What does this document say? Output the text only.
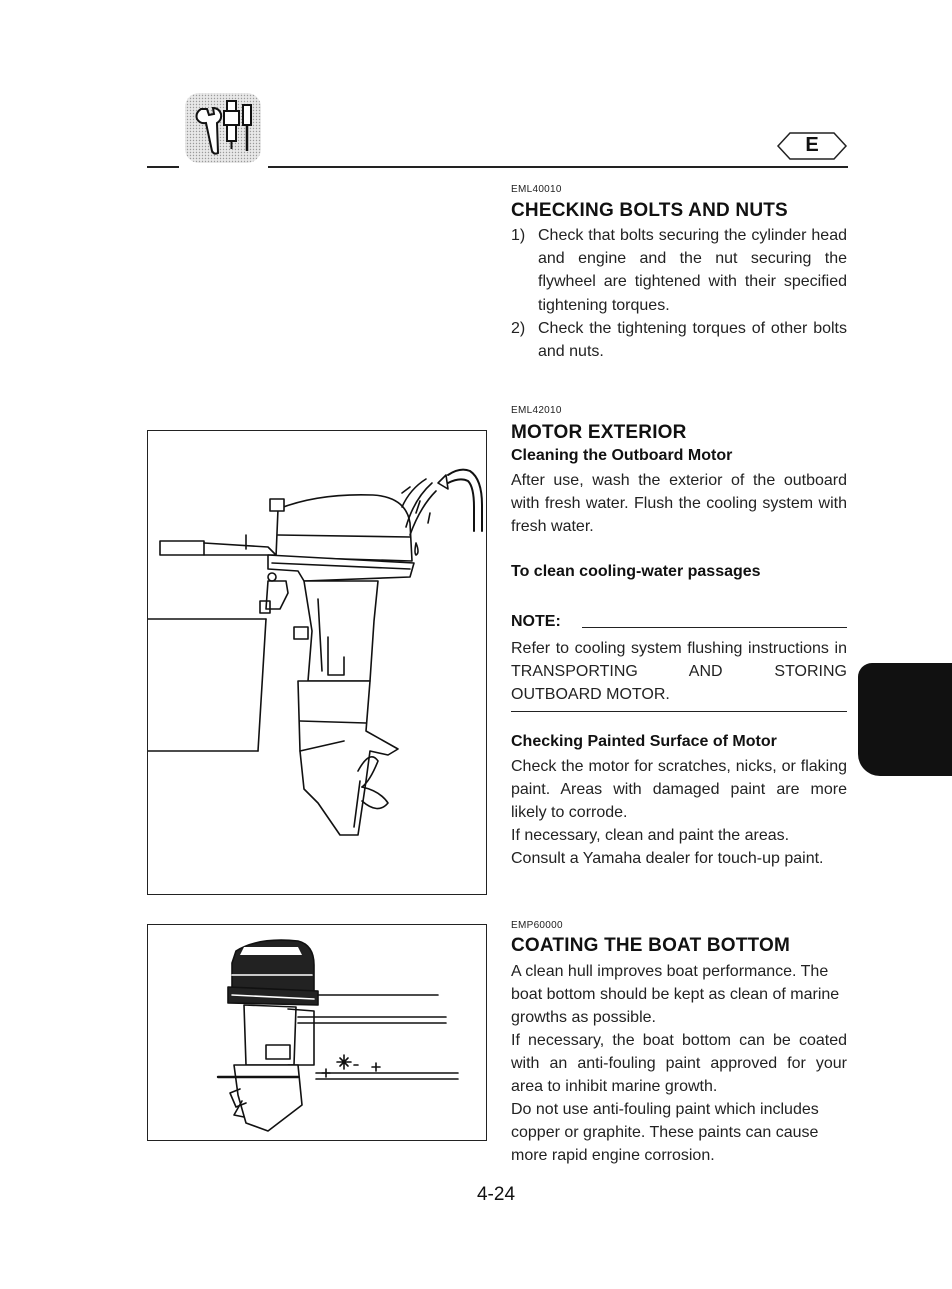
E
EML40010
CHECKING BOLTS AND NUTS
1) Check that bolts securing the cylinder head and engine and the nut securing the flywheel are tightened with their specified tightening torques.
2) Check the tightening torques of other bolts and nuts.
EML42010
MOTOR EXTERIOR
Cleaning the Outboard Motor
After use, wash the exterior of the outboard with fresh water. Flush the cooling system with fresh water.
To clean cooling-water passages
NOTE:
Refer to cooling system flushing instructions in TRANSPORTING AND STORING OUTBOARD MOTOR.
Checking Painted Surface of Motor
Check the motor for scratches, nicks, or flaking paint. Areas with damaged paint are more likely to corrode.
If necessary, clean and paint the areas. Consult a Yamaha dealer for touch-up paint.
EMP60000
COATING THE BOAT BOTTOM
A clean hull improves boat performance. The boat bottom should be kept as clean of marine growths as possible.
If necessary, the boat bottom can be coated with an anti-fouling paint approved for your area to inhibit marine growth.
Do not use anti-fouling paint which includes copper or graphite. These paints can cause more rapid engine corrosion.
4-24
